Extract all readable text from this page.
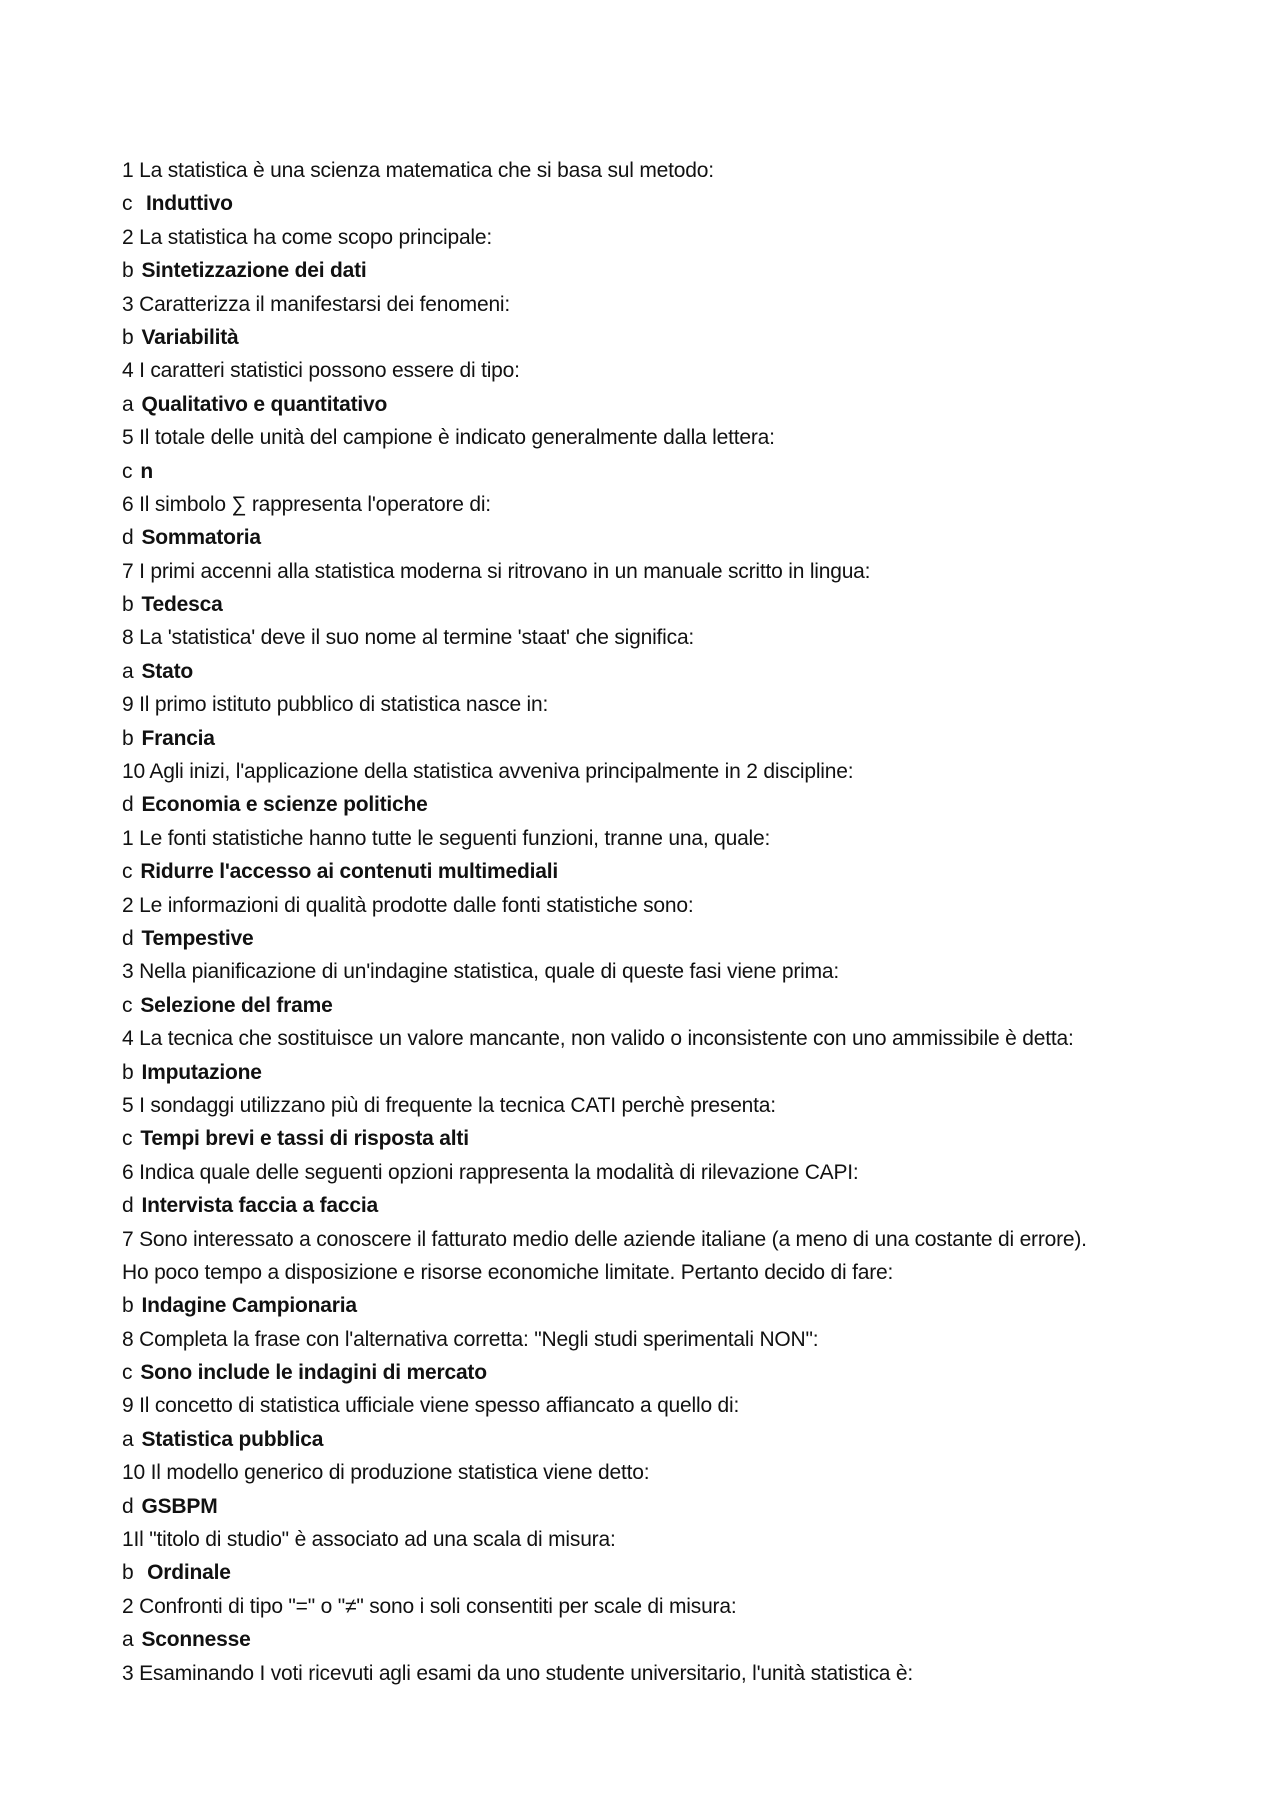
1 La statistica è una scienza matematica che si basa sul metodo:
c Induttivo
2 La statistica ha come scopo principale:
b Sintetizzazione dei dati
3 Caratterizza il manifestarsi dei fenomeni:
b Variabilità
4 I caratteri statistici possono essere di tipo:
a Qualitativo e quantitativo
5 Il totale delle unità del campione è indicato generalmente dalla lettera:
c n
6 Il simbolo ∑ rappresenta l'operatore di:
d Sommatoria
7 I primi accenni alla statistica moderna si ritrovano in un manuale scritto in lingua:
b Tedesca
8 La 'statistica' deve il suo nome al termine 'staat' che significa:
a Stato
9 Il primo istituto pubblico di statistica nasce in:
b Francia
10 Agli inizi, l'applicazione della statistica avveniva principalmente in 2 discipline:
d Economia e scienze politiche
1 Le fonti statistiche hanno tutte le seguenti funzioni, tranne una, quale:
c Ridurre l'accesso ai contenuti multimediali
2 Le informazioni di qualità prodotte dalle fonti statistiche sono:
d Tempestive
3 Nella pianificazione di un'indagine statistica, quale di queste fasi viene prima:
c Selezione del frame
4 La tecnica che sostituisce un valore mancante, non valido o inconsistente con uno ammissibile è detta:
b Imputazione
5 I sondaggi utilizzano più di frequente la tecnica CATI perchè presenta:
c Tempi brevi e tassi di risposta alti
6 Indica quale delle seguenti opzioni rappresenta la modalità di rilevazione CAPI:
d Intervista faccia a faccia
7 Sono interessato a conoscere il fatturato medio delle aziende italiane (a meno di una costante di errore).
Ho poco tempo a disposizione e risorse economiche limitate. Pertanto decido di fare:
b Indagine Campionaria
8 Completa la frase con l'alternativa corretta: "Negli studi sperimentali NON":
c Sono include le indagini di mercato
9 Il concetto di statistica ufficiale viene spesso affiancato a quello di:
a Statistica pubblica
10 Il modello generico di produzione statistica viene detto:
d GSBPM
1Il "titolo di studio" è associato ad una scala di misura:
b Ordinale
2 Confronti di tipo "=" o "≠" sono i soli consentiti per scale di misura:
a Sconnesse
3 Esaminando I voti ricevuti agli esami da uno studente universitario, l'unità statistica è:
